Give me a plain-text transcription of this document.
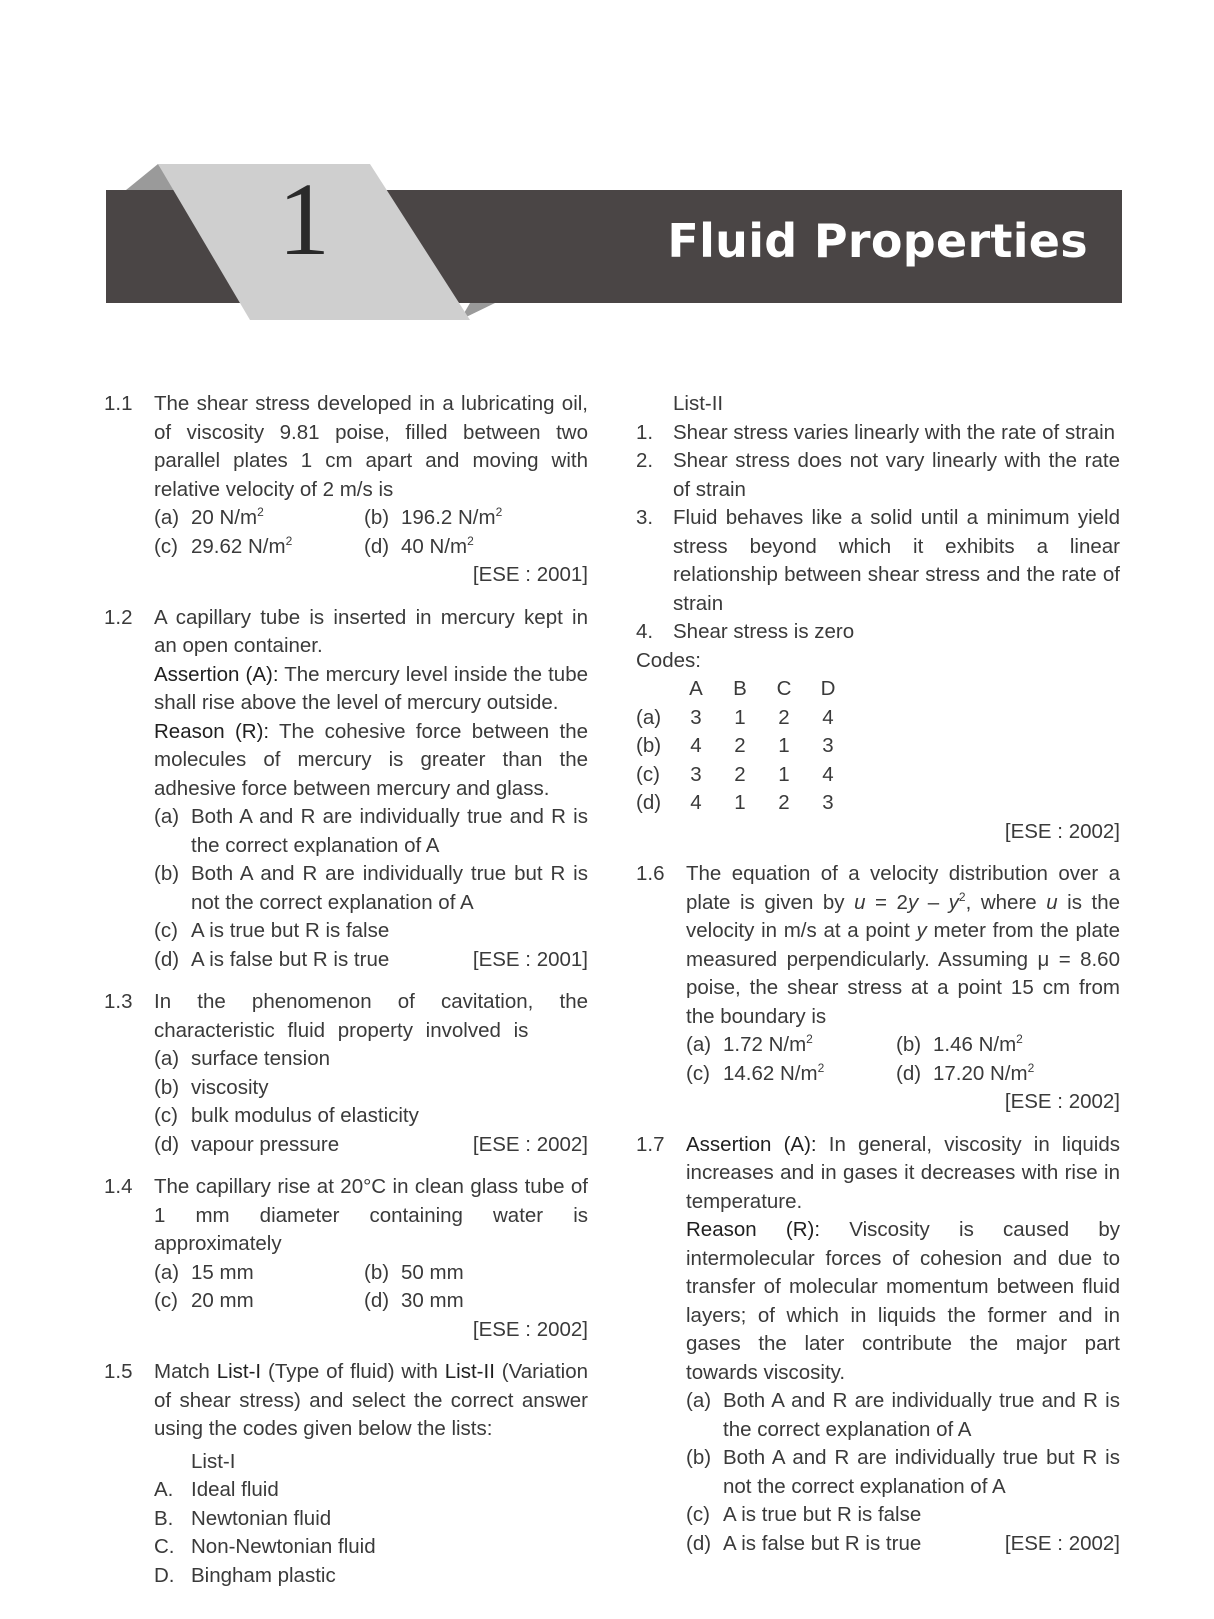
1	Fluid Properties
1.1 The shear stress developed in a lubricating oil, of viscosity 9.81 poise, filled between two parallel plates 1 cm apart and moving with relative velocity of 2 m/s is
(a) 20 $N/m^2$	(b) 196.2 $N/m^2$
(c) 29.62 $N/m^2$	(d) 40 $N/m^2$
[ESE : 2001]
1.2 A capillary tube is inserted in mercury kept in an open container.
Assertion (A): The mercury level inside the tube shall rise above the level of mercury outside.
Reason (R): The cohesive force between the molecules of mercury is greater than the adhesive force between mercury and glass.
(a) Both A and R are individually true and R is the correct explanation of A
(b) Both A and R are individually true but R is not the correct explanation of A
(c) A is true but R is false
(d) A is false but R is true	[ESE : 2001]
1.3 In the phenomenon of cavitation, the characteristic fluid property involved is
(a) surface tension
(b) viscosity
(c) bulk modulus of elasticity
(d) vapour pressure	[ESE : 2002]
1.4 The capillary rise at 20°C in clean glass tube of 1 mm diameter containing water is approximately
(a) 15 mm	(b) 50 mm
(c) 20 mm	(d) 30 mm
[ESE : 2002]
1.5 Match List-I (Type of fluid) with List-II (Variation of shear stress) and select the correct answer using the codes given below the lists:
List-I
A. Ideal fluid
B. Newtonian fluid
C. Non-Newtonian fluid
D. Bingham plastic
List-II
1. Shear stress varies linearly with the rate of strain
2. Shear stress does not vary linearly with the rate of strain
3. Fluid behaves like a solid until a minimum yield stress beyond which it exhibits a linear relationship between shear stress and the rate of strain
4. Shear stress is zero
Codes:
	A	B	C	D
(a)	3	1	2	4
(b)	4	2	1	3
(c)	3	2	1	4
(d)	4	1	2	3
[ESE : 2002]
1.6 The equation of a velocity distribution over a plate is given by $u = 2y - y^2$, where u is the velocity in m/s at a point y meter from the plate measured perpendicularly. Assuming μ = 8.60 poise, the shear stress at a point 15 cm from the boundary is
(a) 1.72 $N/m^2$	(b) 1.46 $N/m^2$
(c) 14.62 $N/m^2$	(d) 17.20 $N/m^2$
[ESE : 2002]
1.7 Assertion (A): In general, viscosity in liquids increases and in gases it decreases with rise in temperature.
Reason (R): Viscosity is caused by intermolecular forces of cohesion and due to transfer of molecular momentum between fluid layers; of which in liquids the former and in gases the later contribute the major part towards viscosity.
(a) Both A and R are individually true and R is the correct explanation of A
(b) Both A and R are individually true but R is not the correct explanation of A
(c) A is true but R is false
(d) A is false but R is true	[ESE : 2002]
